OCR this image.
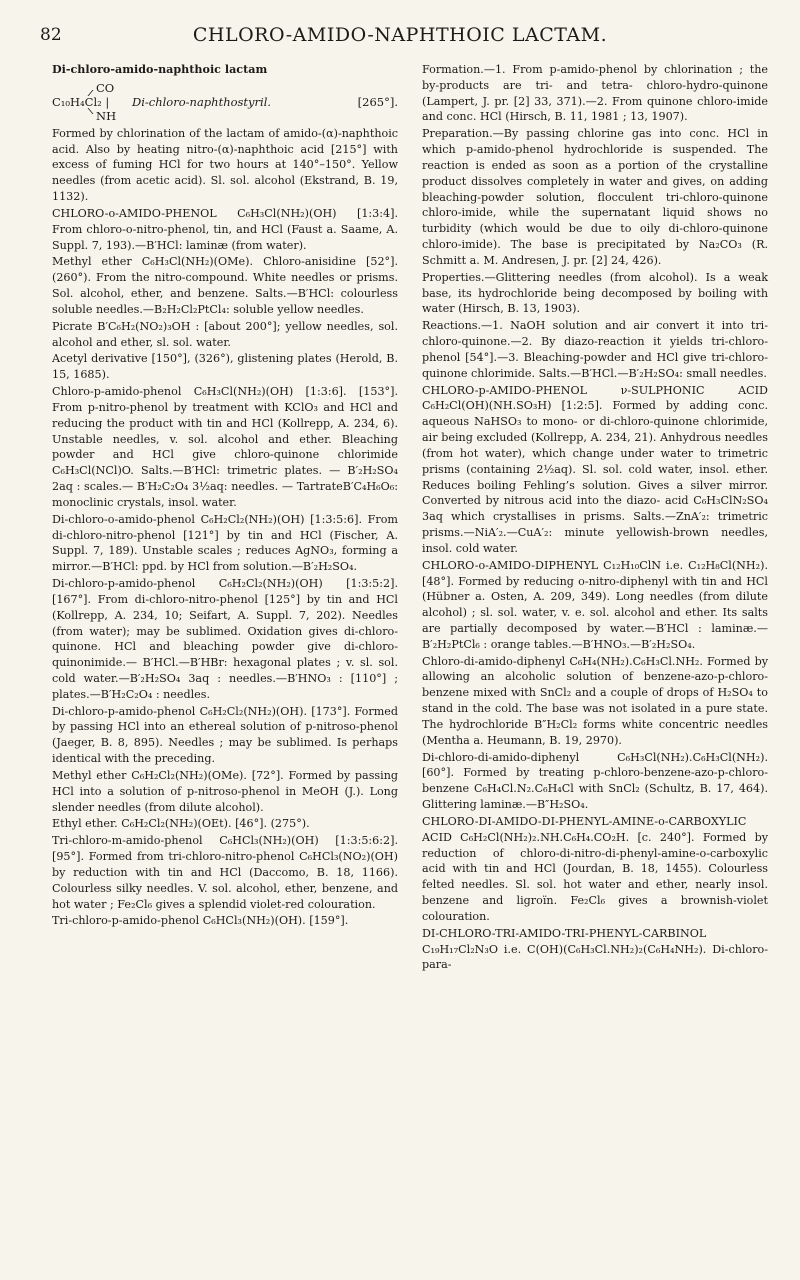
82	CHLORO-AMIDO-NAPHTHOIC LACTAM.
Di-chloro-amido-naphthoic lactam
CO
C₁₀H₄Cl₂ |
NH
Di-chloro-naphthostyril.	[265°].
Formed by chlorination of the lactam of amido-(α)-naphthoic acid. Also by heating nitro-(α)-naphthoic acid [215°] with excess of fuming HCl for two hours at 140°–150°. Yellow needles (from acetic acid). Sl. sol. alcohol (Ekstrand, B. 19, 1132).
CHLORO-o-AMIDO-PHENOL C₆H₃Cl(NH₂)(OH) [1:3:4]. From chloro-o-nitro-phenol, tin, and HCl (Faust a. Saame, A. Suppl. 7, 193).—B′HCl: laminæ (from water).
Methyl ether C₆H₃Cl(NH₂)(OMe). Chloro-anisidine [52°]. (260°). From the nitro-compound. White needles or prisms. Sol. alcohol, ether, and benzene. Salts.—B′HCl: colourless soluble needles.—B₂H₂Cl₂PtCl₄: soluble yellow needles.
Picrate B′C₆H₂(NO₂)₃OH : [about 200°]; yellow needles, sol. alcohol and ether, sl. sol. water.
Acetyl derivative [150°], (326°), glistening plates (Herold, B. 15, 1685).
Chloro-p-amido-phenol C₆H₃Cl(NH₂)(OH) [1:3:6]. [153°]. From p-nitro-phenol by treatment with KClO₃ and HCl and reducing the product with tin and HCl (Kollrepp, A. 234, 6). Unstable needles, v. sol. alcohol and ether. Bleaching powder and HCl give chloro-quinone chlorimide C₆H₃Cl(NCl)O. Salts.—B′HCl: trimetric plates. — B′₂H₂SO₄ 2aq : scales.— B′H₂C₂O₄ 3½aq: needles. — TartrateB′C₄H₆O₆: monoclinic crystals, insol. water.
Di-chloro-o-amido-phenol C₆H₂Cl₂(NH₂)(OH) [1:3:5:6]. From di-chloro-nitro-phenol [121°] by tin and HCl (Fischer, A. Suppl. 7, 189). Unstable scales ; reduces AgNO₃, forming a mirror.—B′HCl: ppd. by HCl from solution.—B′₂H₂SO₄.
Di-chloro-p-amido-phenol C₆H₂Cl₂(NH₂)(OH) [1:3:5:2]. [167°]. From di-chloro-nitro-phenol [125°] by tin and HCl (Kollrepp, A. 234, 10; Seifart, A. Suppl. 7, 202). Needles (from water); may be sublimed. Oxidation gives di-chloro-quinone. HCl and bleaching powder give di-chloro-quinonimide.— B′HCl.—B′HBr: hexagonal plates ; v. sl. sol. cold water.—B′₂H₂SO₄ 3aq : needles.—B′HNO₃ : [110°] ; plates.—B′H₂C₂O₄ : needles.
Di-chloro-p-amido-phenol C₆H₂Cl₂(NH₂)(OH). [173°]. Formed by passing HCl into an ethereal solution of p-nitroso-phenol (Jaeger, B. 8, 895). Needles ; may be sublimed. Is perhaps identical with the preceding.
Methyl ether C₆H₂Cl₂(NH₂)(OMe). [72°]. Formed by passing HCl into a solution of p-nitroso-phenol in MeOH (J.). Long slender needles (from dilute alcohol).
Ethyl ether. C₆H₂Cl₂(NH₂)(OEt). [46°]. (275°).
Tri-chloro-m-amido-phenol C₆HCl₃(NH₂)(OH) [1:3:5:6:2]. [95°]. Formed from tri-chloro-nitro-phenol C₆HCl₃(NO₂)(OH) by reduction with tin and HCl (Daccomo, B. 18, 1166). Colourless silky needles. V. sol. alcohol, ether, benzene, and hot water ; Fe₂Cl₆ gives a splendid violet-red colouration.
Tri-chloro-p-amido-phenol C₆HCl₃(NH₂)(OH). [159°].
Formation.—1. From p-amido-phenol by chlorination ; the by-products are tri- and tetra- chloro-hydro-quinone (Lampert, J. pr. [2] 33, 371).—2. From quinone chloro-imide and conc. HCl (Hirsch, B. 11, 1981 ; 13, 1907).
Preparation.—By passing chlorine gas into conc. HCl in which p-amido-phenol hydrochloride is suspended. The reaction is ended as soon as a portion of the crystalline product dissolves completely in water and gives, on adding bleaching-powder solution, flocculent tri-chloro-quinone chloro-imide, while the supernatant liquid shows no turbidity (which would be due to oily di-chloro-quinone chloro-imide). The base is precipitated by Na₂CO₃ (R. Schmitt a. M. Andresen, J. pr. [2] 24, 426).
Properties.—Glittering needles (from alcohol). Is a weak base, its hydrochloride being decomposed by boiling with water (Hirsch, B. 13, 1903).
Reactions.—1. NaOH solution and air convert it into tri-chloro-quinone.—2. By diazo-reaction it yields tri-chloro-phenol [54°].—3. Bleaching-powder and HCl give tri-chloro-quinone chlorimide. Salts.—B′HCl.—B′₂H₂SO₄: small needles.
CHLORO-p-AMIDO-PHENOL ν-SULPHONIC ACID C₆H₂Cl(OH)(NH.SO₃H) [1:2:5]. Formed by adding conc. aqueous NaHSO₃ to mono- or di-chloro-quinone chlorimide, air being excluded (Kollrepp, A. 234, 21). Anhydrous needles (from hot water), which change under water to trimetric prisms (containing 2½aq). Sl. sol. cold water, insol. ether. Reduces boiling Fehling’s solution. Gives a silver mirror. Converted by nitrous acid into the diazo- acid C₆H₃ClN₂SO₄ 3aq which crystallises in prisms. Salts.—ZnA′₂: trimetric prisms.—NiA′₂.—CuA′₂: minute yellowish-brown needles, insol. cold water.
CHLORO-o-AMIDO-DIPHENYL C₁₂H₁₀ClN i.e. C₁₂H₈Cl(NH₂). [48°]. Formed by reducing o-nitro-diphenyl with tin and HCl (Hübner a. Osten, A. 209, 349). Long needles (from dilute alcohol) ; sl. sol. water, v. e. sol. alcohol and ether. Its salts are partially decomposed by water.—B′HCl : laminæ.—B′₂H₂PtCl₆ : orange tables.—B′HNO₃.—B′₂H₂SO₄.
Chloro-di-amido-diphenyl C₆H₄(NH₂).C₆H₃Cl.NH₂. Formed by allowing an alcoholic solution of benzene-azo-p-chloro-benzene mixed with SnCl₂ and a couple of drops of H₂SO₄ to stand in the cold. The base was not isolated in a pure state. The hydrochloride B″H₂Cl₂ forms white concentric needles (Mentha a. Heumann, B. 19, 2970).
Di-chloro-di-amido-diphenyl C₆H₃Cl(NH₂).C₆H₃Cl(NH₂). [60°]. Formed by treating p-chloro-benzene-azo-p-chloro-benzene C₆H₄Cl.N₂.C₆H₄Cl with SnCl₂ (Schultz, B. 17, 464). Glittering laminæ.—B″H₂SO₄.
CHLORO-DI-AMIDO-DI-PHENYL-AMINE-o-CARBOXYLIC ACID C₆H₂Cl(NH₂)₂.NH.C₆H₄.CO₂H. [c. 240°]. Formed by reduction of chloro-di-nitro-di-phenyl-amine-o-carboxylic acid with tin and HCl (Jourdan, B. 18, 1455). Colourless felted needles. Sl. sol. hot water and ether, nearly insol. benzene and ligroïn. Fe₂Cl₆ gives a brownish-violet colouration.
DI-CHLORO-TRI-AMIDO-TRI-PHENYL-CARBINOL C₁₉H₁₇Cl₂N₃O i.e. C(OH)(C₆H₃Cl.NH₂)₂(C₆H₄NH₂). Di-chloro-para-
